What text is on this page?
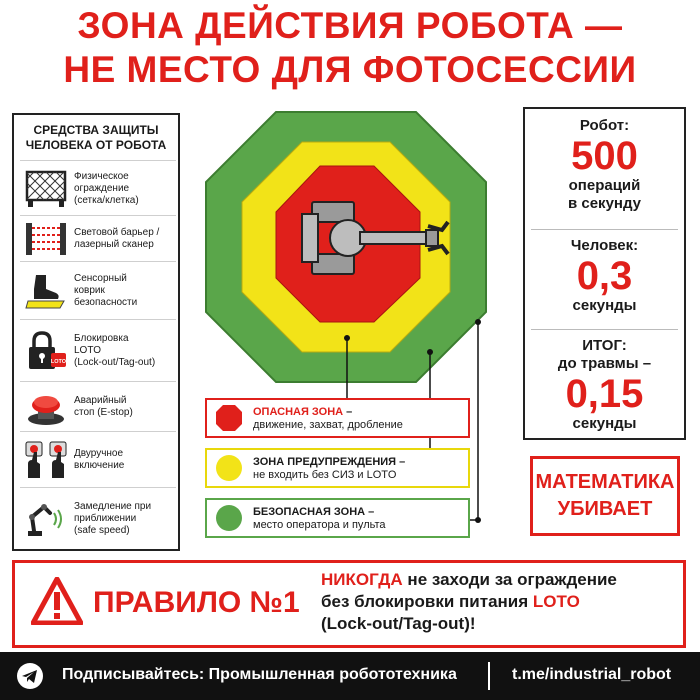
ЗОНА ДЕЙСТВИЯ РОБОТА —
НЕ МЕСТО ДЛЯ ФОТОСЕССИИ
СРЕДСТВА ЗАЩИТЫ
ЧЕЛОВЕКА ОТ РОБОТА
Физическое
ограждение
(сетка/клетка)
Световой барьер /
лазерный сканер
Сенсорный
коврик
безопасности
LOTO
Блокировка
LOTO
(Lock-out/Tag-out)
Аварийный
стоп (E-stop)
Двуручное
включение
Замедление при
приближении
(safe speed)
ОПАСНАЯ ЗОНА –
движение, захват, дробление
ЗОНА ПРЕДУПРЕЖДЕНИЯ –
не входить без СИЗ и LOTO
БЕЗОПАСНАЯ ЗОНА –
место оператора и пульта
Робот:
500
операций
в секунду
Человек:
0,3
секунды
ИТОГ:
до травмы –
0,15
секунды
МАТЕМАТИКА
УБИВАЕТ
ПРАВИЛО №1
НИКОГДА не заходи за ограждение
без блокировки питания LOTO
(Lock-out/Tag-out)!
Подписывайтесь: Промышленная робототехника	t.me/industrial_robot
